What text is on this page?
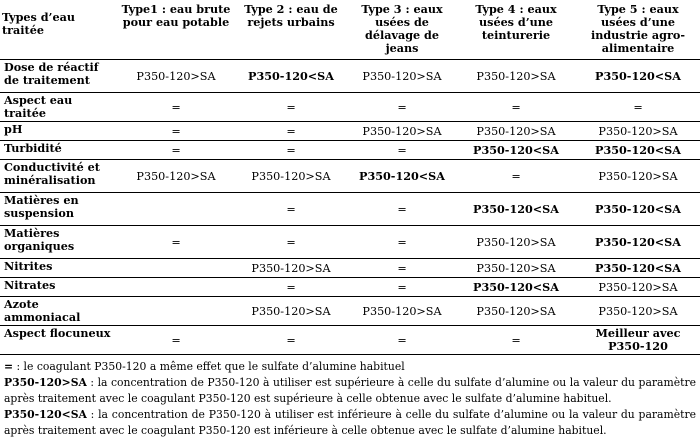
Types d’eau traitée	Type1 : eau brute pour eau potable	Type 2 : eau de rejets urbains	Type 3 : eaux usées de délavage de jeans	Type 4 : eaux usées d’une teinturerie	Type 5 : eaux usées d’une industrie agro-alimentaire
Dose de réactif de traitement	P350-120>SA	P350-120<SA	P350-120>SA	P350-120>SA	P350-120<SA
Aspect eau traitée	=	=	=	=	=
pH	=	=	P350-120>SA	P350-120>SA	P350-120>SA
Turbidité	=	=	=	P350-120<SA	P350-120<SA
Conductivité et minéralisation	P350-120>SA	P350-120>SA	P350-120<SA	=	P350-120>SA
Matières en suspension		=	=	P350-120<SA	P350-120<SA
Matières organiques	=	=	=	P350-120>SA	P350-120<SA
Nitrites		P350-120>SA	=	P350-120>SA	P350-120<SA
Nitrates		=	=	P350-120<SA	P350-120>SA
Azote ammoniacal		P350-120>SA	P350-120>SA	P350-120>SA	P350-120>SA
Aspect flocuneux	=	=	=	=	Meilleur avec P350-120

= : le coagulant P350-120 a même effet que le sulfate d’alumine habituel

P350-120>SA : la concentration de P350-120 à utiliser est supérieure à celle du sulfate d’alumine ou la valeur du paramètre après traitement avec le coagulant P350-120 est supérieure à celle obtenue avec le sulfate d’alumine habituel.

P350-120<SA : la concentration de P350-120 à utiliser est inférieure à celle du sulfate d’alumine ou la valeur du paramètre après traitement avec le coagulant P350-120 est inférieure à celle obtenue avec le sulfate d’alumine habituel.
